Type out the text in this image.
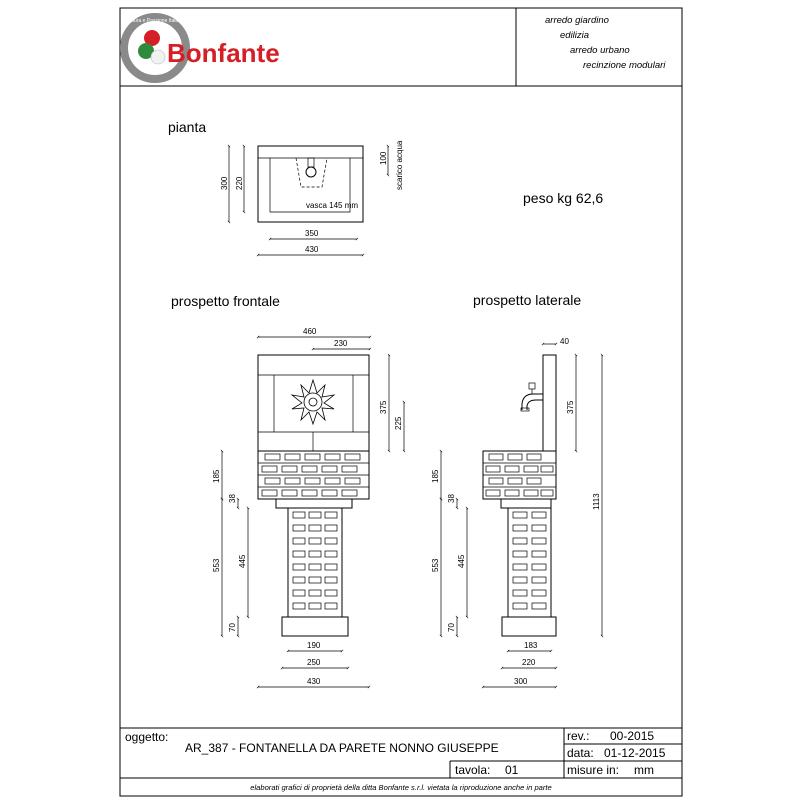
Cultura e Passione Italiana
Bonfante
arredo giardino
edilizia
arredo urbano
recinzione modulari
pianta
vasca 145 mm
300 220
100 scarico acqua
350
430
peso kg 62,6
prospetto frontale
460
230
375
225
185
38
553 445
70
190
250
430
prospetto laterale
40
375
1113
185
38
553 445
70
183
220
300
oggetto:
AR_387 - FONTANELLA DA PARETE NONNO GIUSEPPE
rev.: 00-2015
data: 01-12-2015
tavola: 01	misure in: mm
elaborati grafici di proprietà della ditta Bonfante s.r.l. vietata la riproduzione anche in parte
